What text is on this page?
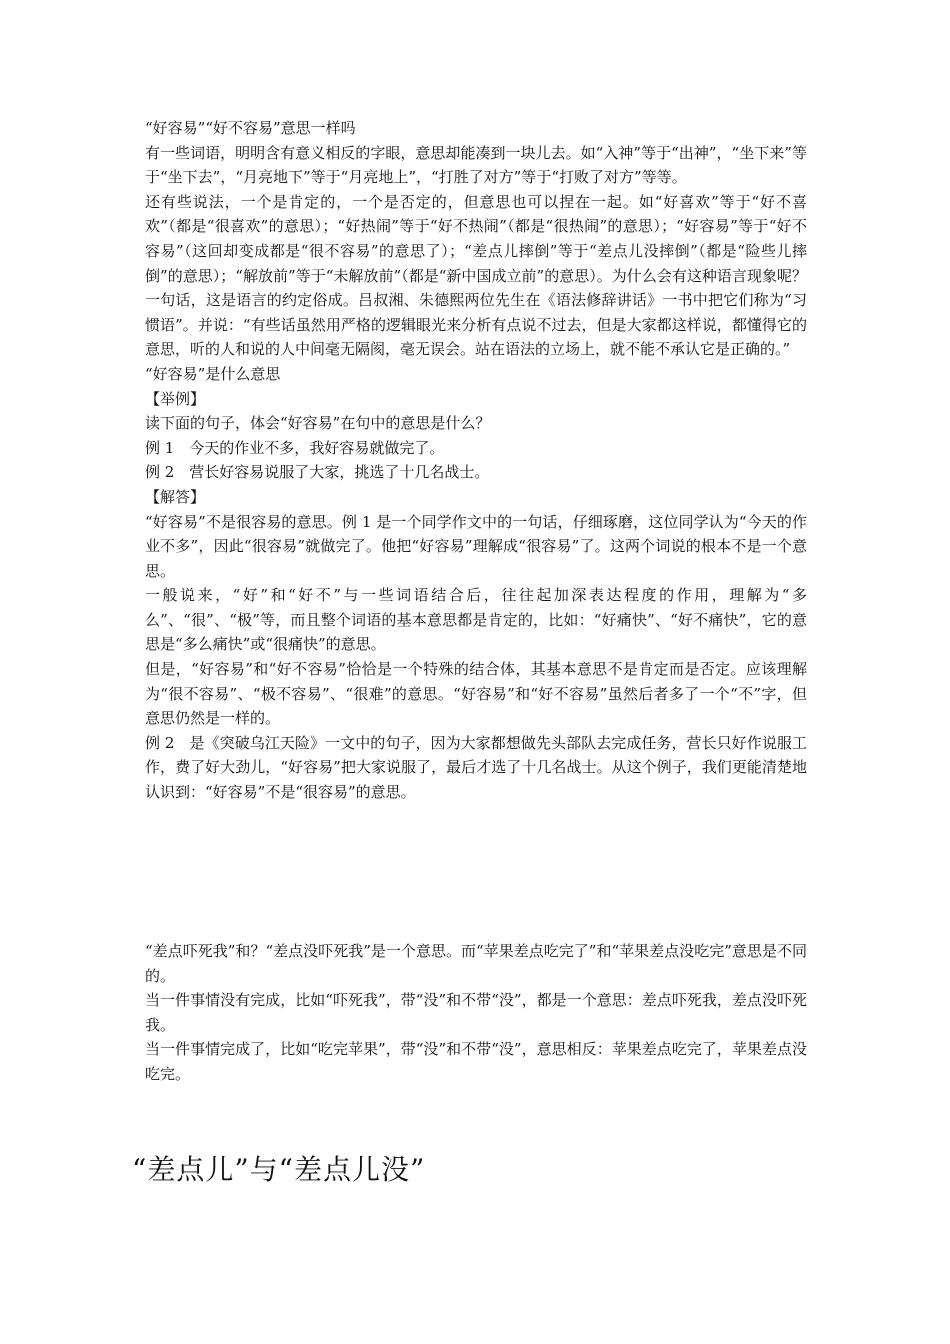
“好容易”“好不容易”意思一样吗

有一些词语，明明含有意义相反的字眼，意思却能凑到一块儿去。如“入神”等于“出神”，“坐下来”等于“坐下去”，“月亮地下”等于“月亮地上”，“打胜了对方”等于“打败了对方”等等。

还有些说法，一个是肯定的，一个是否定的，但意思也可以捏在一起。如“好喜欢”等于“好不喜欢”（都是“很喜欢”的意思）；“好热闹”等于“好不热闹”（都是“很热闹”的意思）；“好容易”等于“好不容易”（这回却变成都是“很不容易”的意思了）；“差点儿摔倒”等于“差点儿没摔倒”（都是“险些儿摔倒”的意思）；“解放前”等于“未解放前”（都是“新中国成立前”的意思）。为什么会有这种语言现象呢？一句话，这是语言的约定俗成。吕叔湘、朱德熙两位先生在《语法修辞讲话》一书中把它们称为“习惯语”。并说：“有些话虽然用严格的逻辑眼光来分析有点说不过去，但是大家都这样说，都懂得它的意思，听的人和说的人中间毫无隔阂，毫无误会。站在语法的立场上，就不能不承认它是正确的。”

“好容易”是什么意思

【举例】

读下面的句子，体会“好容易”在句中的意思是什么？

例 1　今天的作业不多，我好容易就做完了。

例 2　营长好容易说服了大家，挑选了十几名战士。

【解答】

“好容易”不是很容易的意思。例 1 是一个同学作文中的一句话，仔细琢磨，这位同学认为“今天的作业不多”，因此“很容易”就做完了。他把“好容易”理解成“很容易”了。这两个词说的根本不是一个意思。

一般说来，“好”和“好不”与一些词语结合后，往往起加深表达程度的作用，理解为“多么”、“很”、“极”等，而且整个词语的基本意思都是肯定的，比如：“好痛快”、“好不痛快”，它的意思是“多么痛快”或“很痛快”的意思。

但是，“好容易”和“好不容易”恰恰是一个特殊的结合体，其基本意思不是肯定而是否定。应该理解为“很不容易”、“极不容易”、“很难”的意思。“好容易”和“好不容易”虽然后者多了一个“不”字，但意思仍然是一样的。

例 2　是《突破乌江天险》一文中的句子，因为大家都想做先头部队去完成任务，营长只好作说服工作，费了好大劲儿，“好容易”把大家说服了，最后才选了十几名战士。从这个例子，我们更能清楚地认识到：“好容易”不是“很容易”的意思。

“差点吓死我”和？“差点没吓死我”是一个意思。而“苹果差点吃完了”和“苹果差点没吃完”意思是不同的。

当一件事情没有完成，比如“吓死我”，带“没”和不带“没”，都是一个意思：差点吓死我，差点没吓死我。

当一件事情完成了，比如“吃完苹果”，带“没”和不带“没”，意思相反：苹果差点吃完了，苹果差点没吃完。

“差点儿”与“差点儿没”
